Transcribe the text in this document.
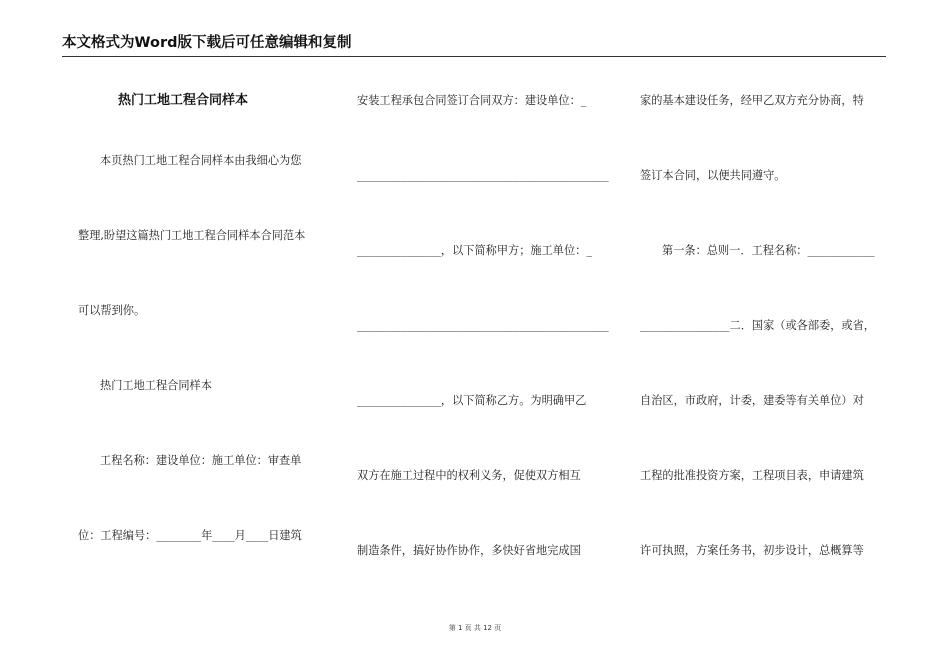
本文格式为Word版下载后可任意编辑和复制
热门工地工程合同样本
本页热门工地工程合同样本由我细心为您
整理,盼望这篇热门工地工程合同样本合同范本
可以帮到你。
热门工地工程合同样本
工程名称：建设单位：施工单位：审查单
位：工程编号：________年____月____日建筑
安装工程承包合同签订合同双方：建设单位：_
_____________________________________________
_______________，以下简称甲方；施工单位：_
_____________________________________________
_______________，以下简称乙方。为明确甲乙
双方在施工过程中的权利义务，促使双方相互
制造条件，搞好协作协作，多快好省地完成国
家的基本建设任务，经甲乙双方充分协商，特
签订本合同，以便共同遵守。
第一条：总则一．工程名称：____________
________________二．国家（或各部委，或省，
自治区，市政府，计委，建委等有关单位）对
工程的批准投资方案，工程项目表，申请建筑
许可执照，方案任务书，初步设计，总概算等
第 1 页 共 12 页
